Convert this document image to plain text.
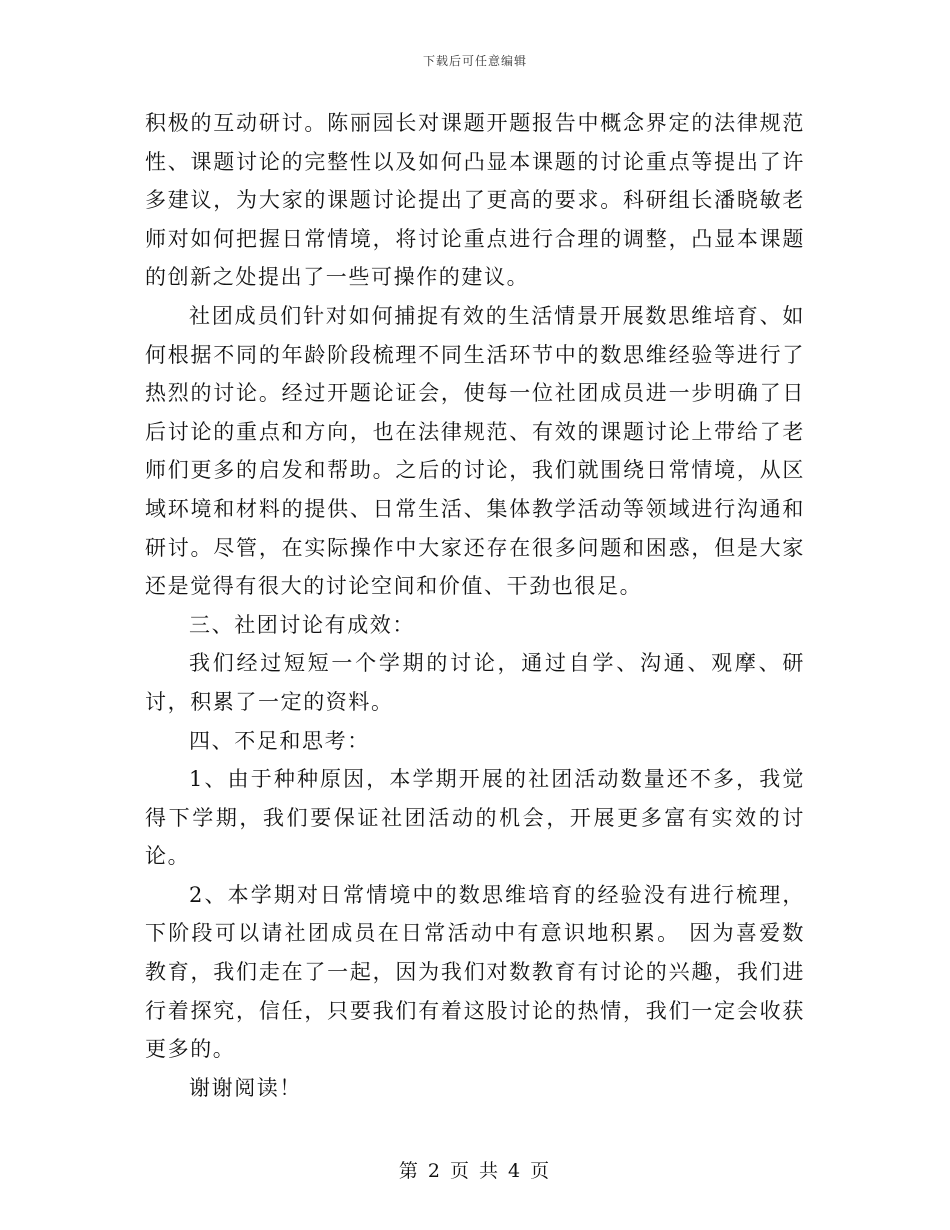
下载后可任意编辑

积极的互动研讨。陈丽园长对课题开题报告中概念界定的法律规范性、课题讨论的完整性以及如何凸显本课题的讨论重点等提出了许多建议，为大家的课题讨论提出了更高的要求。科研组长潘晓敏老师对如何把握日常情境，将讨论重点进行合理的调整，凸显本课题的创新之处提出了一些可操作的建议。

社团成员们针对如何捕捉有效的生活情景开展数思维培育、如何根据不同的年龄阶段梳理不同生活环节中的数思维经验等进行了热烈的讨论。经过开题论证会，使每一位社团成员进一步明确了日后讨论的重点和方向，也在法律规范、有效的课题讨论上带给了老师们更多的启发和帮助。之后的讨论，我们就围绕日常情境，从区域环境和材料的提供、日常生活、集体教学活动等领域进行沟通和研讨。尽管，在实际操作中大家还存在很多问题和困惑，但是大家还是觉得有很大的讨论空间和价值、干劲也很足。

三、社团讨论有成效：

我们经过短短一个学期的讨论，通过自学、沟通、观摩、研讨，积累了一定的资料。

四、不足和思考：

1、由于种种原因，本学期开展的社团活动数量还不多，我觉得下学期，我们要保证社团活动的机会，开展更多富有实效的讨论。

2、本学期对日常情境中的数思维培育的经验没有进行梳理，下阶段可以请社团成员在日常活动中有意识地积累。 因为喜爱数教育，我们走在了一起，因为我们对数教育有讨论的兴趣，我们进行着探究，信任，只要我们有着这股讨论的热情，我们一定会收获更多的。

谢谢阅读！

第 2 页 共 4 页
